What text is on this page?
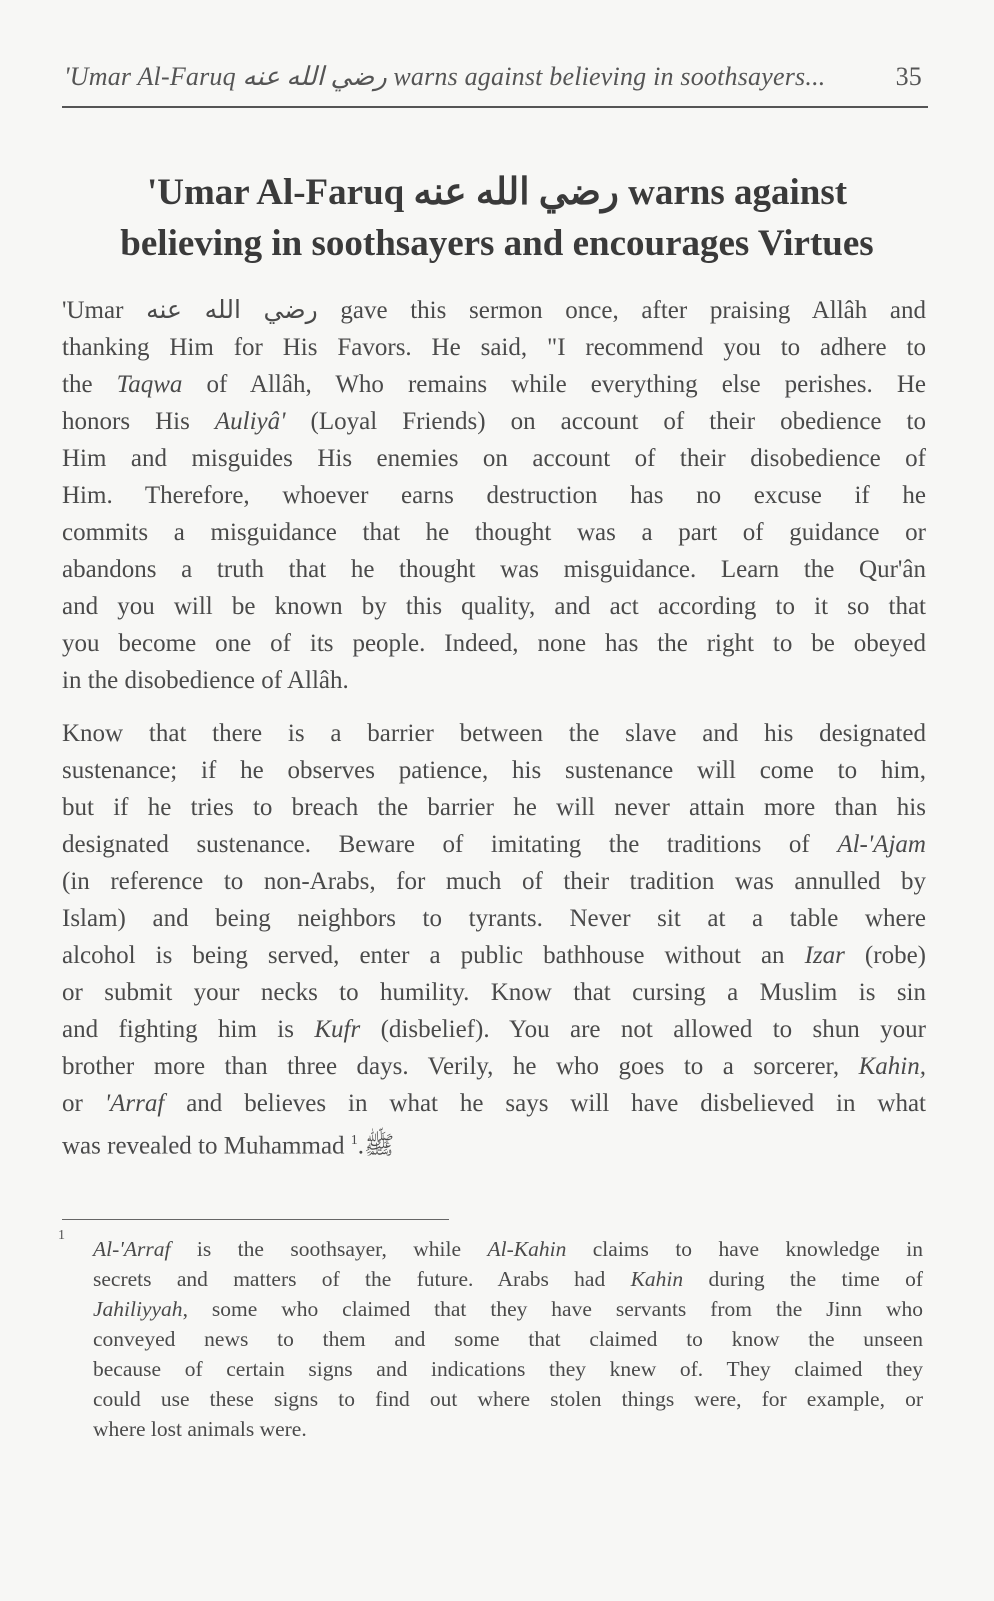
'Umar Al-Faruq رضي الله عنه warns against believing in soothsayers...	35
'Umar Al-Faruq رضي الله عنه warns against
believing in soothsayers and encourages Virtues
'Umar رضي الله عنه gave this sermon once, after praising Allâh and
thanking Him for His Favors. He said, "I recommend you to adhere to
the Taqwa of Allâh, Who remains while everything else perishes. He
honors His Auliyâ' (Loyal Friends) on account of their obedience to
Him and misguides His enemies on account of their disobedience of
Him. Therefore, whoever earns destruction has no excuse if he
commits a misguidance that he thought was a part of guidance or
abandons a truth that he thought was misguidance. Learn the Qur'ân
and you will be known by this quality, and act according to it so that
you become one of its people. Indeed, none has the right to be obeyed
in the disobedience of Allâh.
Know that there is a barrier between the slave and his designated
sustenance; if he observes patience, his sustenance will come to him,
but if he tries to breach the barrier he will never attain more than his
designated sustenance. Beware of imitating the traditions of Al-'Ajam
(in reference to non-Arabs, for much of their tradition was annulled by
Islam) and being neighbors to tyrants. Never sit at a table where
alcohol is being served, enter a public bathhouse without an Izar (robe)
or submit your necks to humility. Know that cursing a Muslim is sin
and fighting him is Kufr (disbelief). You are not allowed to shun your
brother more than three days. Verily, he who goes to a sorcerer, Kahin,
or 'Arraf and believes in what he says will have disbelieved in what
was revealed to Muhammad ﷺ.$^1$
1
Al-'Arraf is the soothsayer, while Al-Kahin claims to have knowledge in
secrets and matters of the future. Arabs had Kahin during the time of
Jahiliyyah, some who claimed that they have servants from the Jinn who
conveyed news to them and some that claimed to know the unseen
because of certain signs and indications they knew of. They claimed they
could use these signs to find out where stolen things were, for example, or
where lost animals were.
